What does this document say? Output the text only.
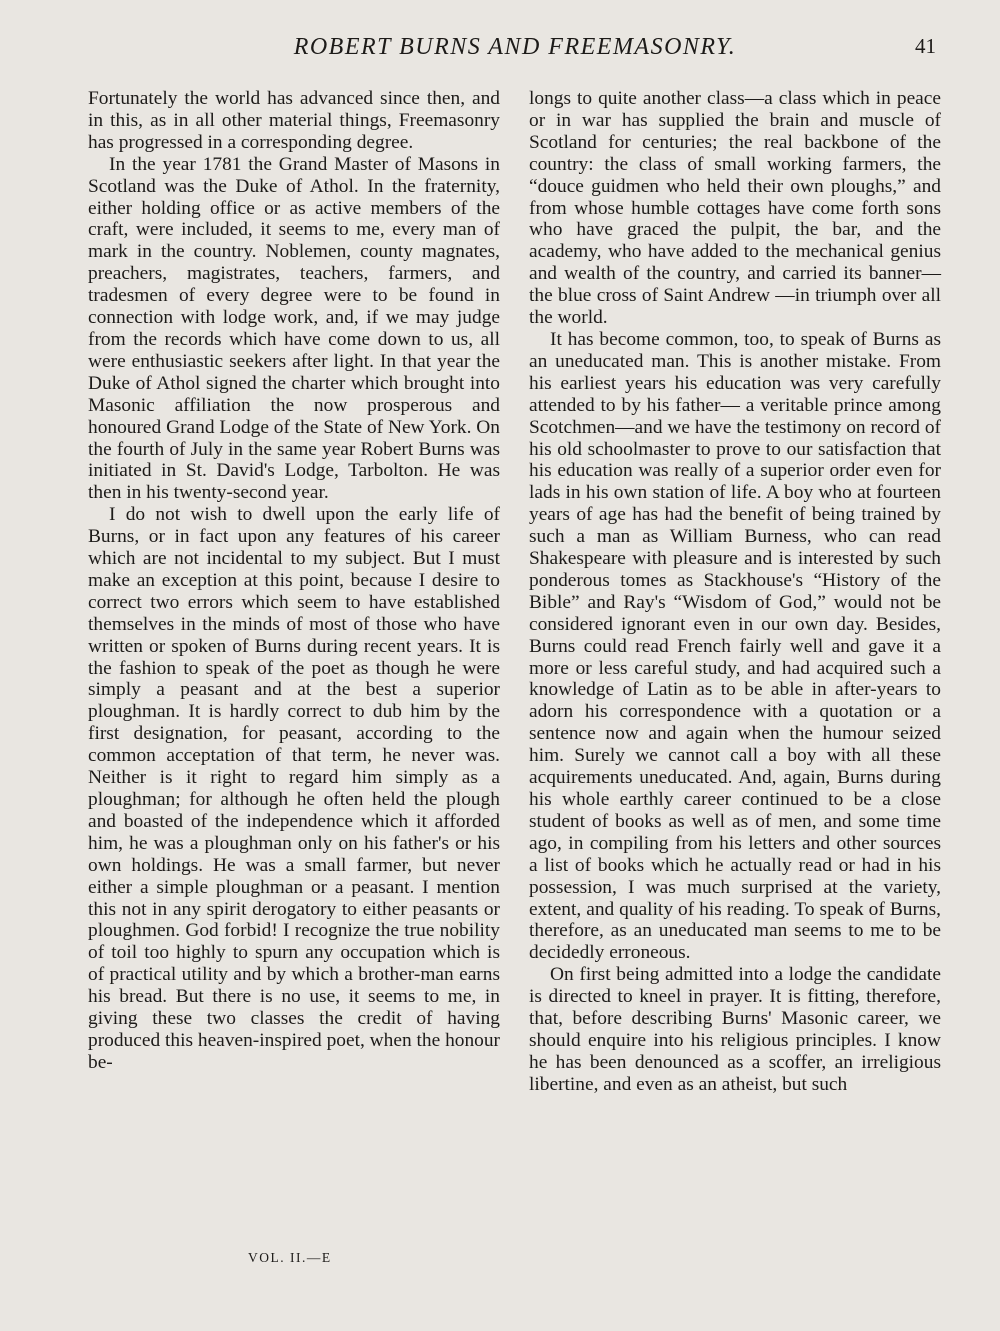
ROBERT BURNS AND FREEMASONRY.	41

Fortunately the world has advanced since then, and in this, as in all other material things, Freemasonry has progressed in a corresponding degree.

In the year 1781 the Grand Master of Masons in Scotland was the Duke of Athol. In the fraternity, either holding office or as active members of the craft, were included, it seems to me, every man of mark in the country. Noblemen, county magnates, preachers, magistrates, teachers, farmers, and tradesmen of every degree were to be found in connection with lodge work, and, if we may judge from the records which have come down to us, all were enthusiastic seekers after light. In that year the Duke of Athol signed the charter which brought into Masonic affiliation the now prosperous and honoured Grand Lodge of the State of New York. On the fourth of July in the same year Robert Burns was initiated in St. David's Lodge, Tarbolton. He was then in his twenty-second year.

I do not wish to dwell upon the early life of Burns, or in fact upon any features of his career which are not incidental to my subject. But I must make an exception at this point, because I desire to correct two errors which seem to have established themselves in the minds of most of those who have written or spoken of Burns during recent years. It is the fashion to speak of the poet as though he were simply a peasant and at the best a superior ploughman. It is hardly correct to dub him by the first designation, for peasant, according to the common acceptation of that term, he never was. Neither is it right to regard him simply as a ploughman; for although he often held the plough and boasted of the independence which it afforded him, he was a ploughman only on his father's or his own holdings. He was a small farmer, but never either a simple ploughman or a peasant. I mention this not in any spirit derogatory to either peasants or ploughmen. God forbid! I recognize the true nobility of toil too highly to spurn any occupation which is of practical utility and by which a brother-man earns his bread. But there is no use, it seems to me, in giving these two classes the credit of having produced this heaven-inspired poet, when the honour be-

longs to quite another class—a class which in peace or in war has supplied the brain and muscle of Scotland for centuries; the real backbone of the country: the class of small working farmers, the “douce guidmen who held their own ploughs,” and from whose humble cottages have come forth sons who have graced the pulpit, the bar, and the academy, who have added to the mechanical genius and wealth of the country, and carried its banner—the blue cross of Saint Andrew —in triumph over all the world.

It has become common, too, to speak of Burns as an uneducated man. This is another mistake. From his earliest years his education was very carefully attended to by his father— a veritable prince among Scotchmen—and we have the testimony on record of his old schoolmaster to prove to our satisfaction that his education was really of a superior order even for lads in his own station of life. A boy who at fourteen years of age has had the benefit of being trained by such a man as William Burness, who can read Shakespeare with pleasure and is interested by such ponderous tomes as Stackhouse's “History of the Bible” and Ray's “Wisdom of God,” would not be considered ignorant even in our own day. Besides, Burns could read French fairly well and gave it a more or less careful study, and had acquired such a knowledge of Latin as to be able in after-years to adorn his correspondence with a quotation or a sentence now and again when the humour seized him. Surely we cannot call a boy with all these acquirements uneducated. And, again, Burns during his whole earthly career continued to be a close student of books as well as of men, and some time ago, in compiling from his letters and other sources a list of books which he actually read or had in his possession, I was much surprised at the variety, extent, and quality of his reading. To speak of Burns, therefore, as an uneducated man seems to me to be decidedly erroneous.

On first being admitted into a lodge the candidate is directed to kneel in prayer. It is fitting, therefore, that, before describing Burns' Masonic career, we should enquire into his religious principles. I know he has been denounced as a scoffer, an irreligious libertine, and even as an atheist, but such

VOL. II.—E
